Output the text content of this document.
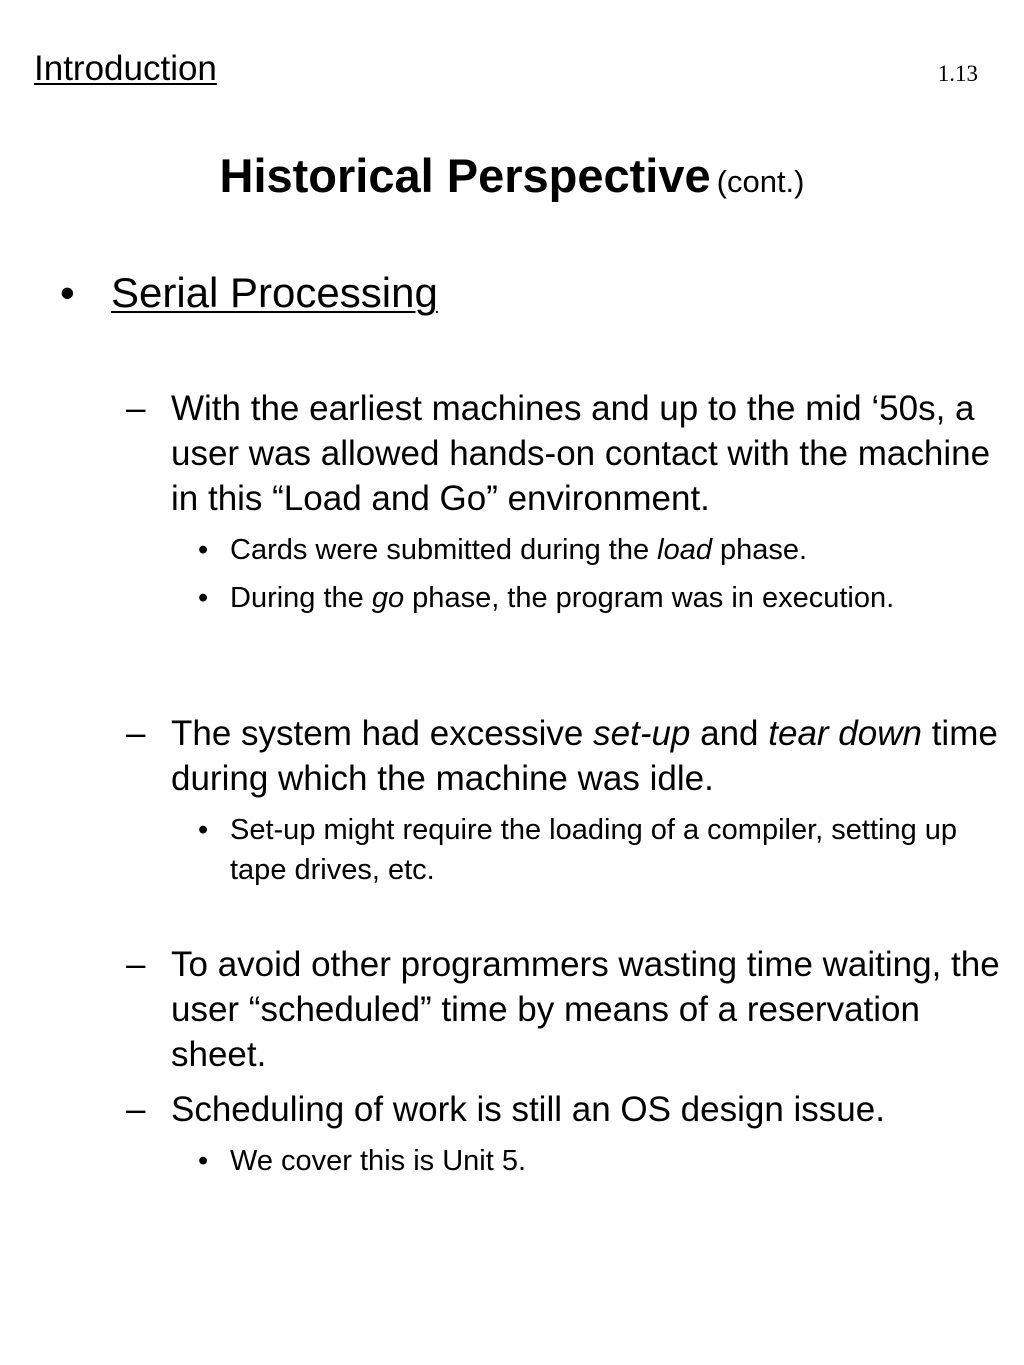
Introduction	1.13
Historical Perspective (cont.)
• Serial Processing
– With the earliest machines and up to the mid ‘50s, a user was allowed hands-on contact with the machine in this “Load and Go” environment.
• Cards were submitted during the load phase.
• During the go phase, the program was in execution.
– The system had excessive set-up and tear down time during which the machine was idle.
• Set-up might require the loading of a compiler, setting up tape drives, etc.
– To avoid other programmers wasting time waiting, the user “scheduled” time by means of a reservation sheet.
– Scheduling of work is still an OS design issue.
• We cover this is Unit 5.
